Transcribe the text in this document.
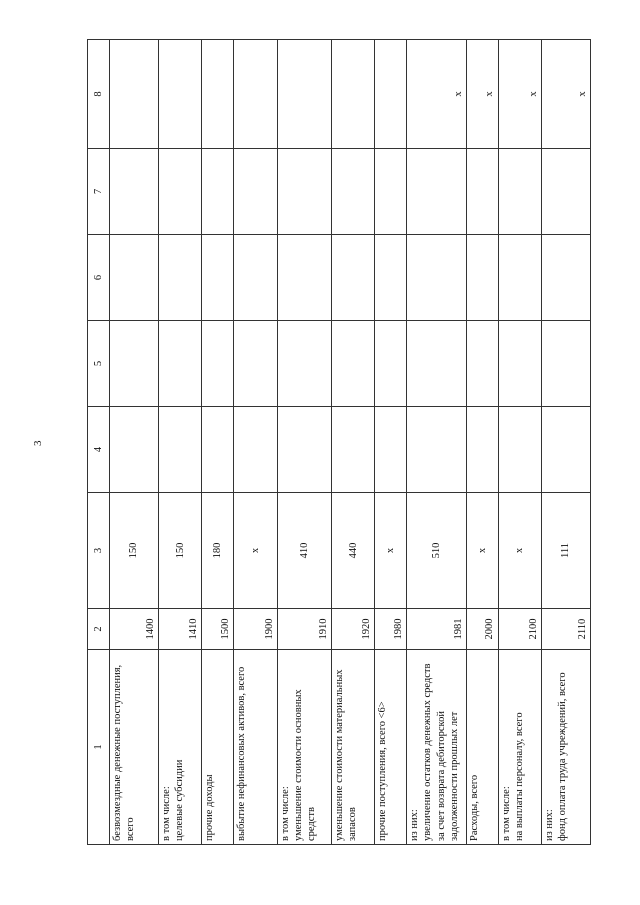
3
1	2	3	4	5	6	7	8
безвозмездные денежные поступления, всего	1400	150					
в том числе:
целевые субсидии	1410	150					
прочие доходы	1500	180					
выбытие нефинансовых активов, всего	1900	x					
в том числе:
уменьшение стоимости основных средств	1910	410					
уменьшение стоимости материальных запасов	1920	440					
прочие поступления, всего <6>	1980	x					
из них:
увеличение остатков денежных средств за счет возврата дебиторской задолженности прошлых лет	1981	510					x
Расходы, всего	2000	x					x
в том числе:
на выплаты персоналу, всего	2100	x					x
из них:
фонд оплата труда учреждений, всего	2110	111					x
